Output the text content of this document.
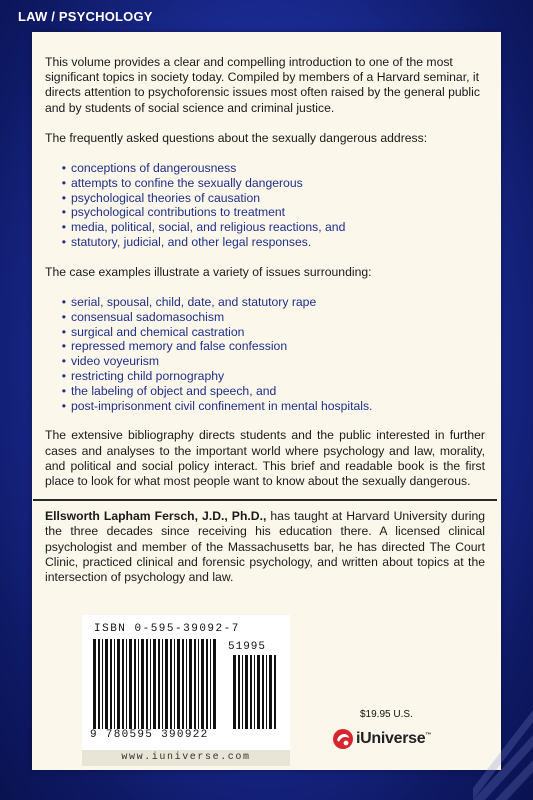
LAW / PSYCHOLOGY

This volume provides a clear and compelling introduction to one of the most significant topics in society today. Compiled by members of a Harvard seminar, it directs attention to psychoforensic issues most often raised by the general public and by students of social science and criminal justice.

The frequently asked questions about the sexually dangerous address:

• conceptions of dangerousness
• attempts to confine the sexually dangerous
• psychological theories of causation
• psychological contributions to treatment
• media, political, social, and religious reactions, and
• statutory, judicial, and other legal responses.

The case examples illustrate a variety of issues surrounding:

• serial, spousal, child, date, and statutory rape
• consensual sadomasochism
• surgical and chemical castration
• repressed memory and false confession
• video voyeurism
• restricting child pornography
• the labeling of object and speech, and
• post-imprisonment civil confinement in mental hospitals.

The extensive bibliography directs students and the public interested in further cases and analyses to the important world where psychology and law, morality, and political and social policy interact. This brief and readable book is the first place to look for what most people want to know about the sexually dangerous.

Ellsworth Lapham Fersch, J.D., Ph.D., has taught at Harvard University during the three decades since receiving his education there. A licensed clinical psychologist and member of the Massachusetts bar, he has directed The Court Clinic, practiced clinical and forensic psychology, and written about topics at the intersection of psychology and law.

ISBN 0-595-39092-7
51995
9 780595 390922
www.iuniverse.com
$19.95 U.S.
iUniverse™
